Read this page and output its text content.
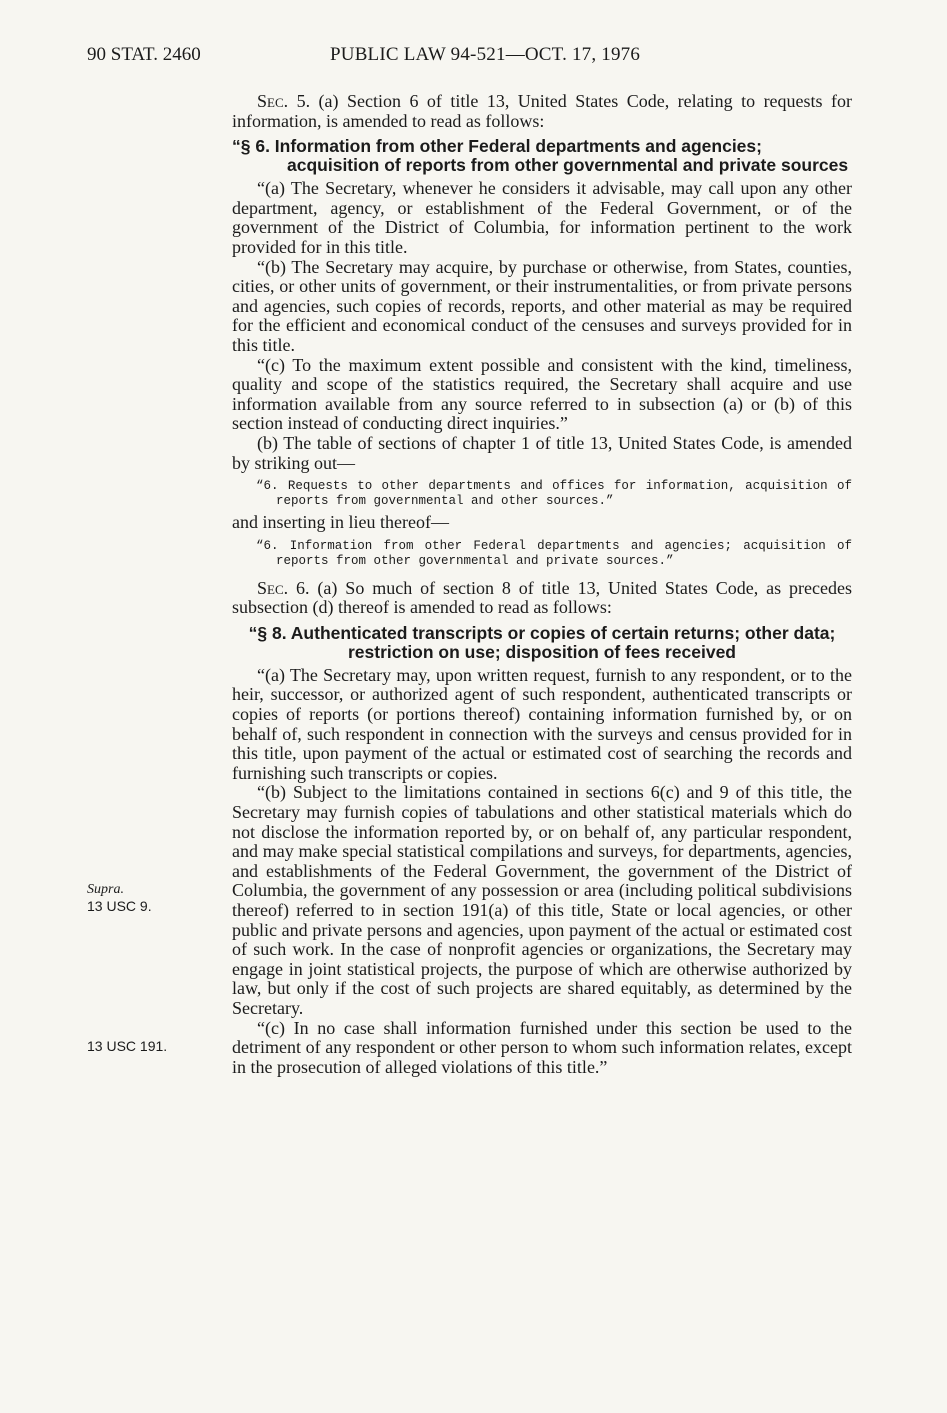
90 STAT. 2460	PUBLIC LAW 94-521—OCT. 17, 1976
Supra.
13 USC 9.
13 USC 191.

Sec. 5. (a) Section 6 of title 13, United States Code, relating to requests for information, is amended to read as follows:

“§ 6. Information from other Federal departments and agencies; acquisition of reports from other governmental and private sources

“(a) The Secretary, whenever he considers it advisable, may call upon any other department, agency, or establishment of the Federal Government, or of the government of the District of Columbia, for information pertinent to the work provided for in this title.

“(b) The Secretary may acquire, by purchase or otherwise, from States, counties, cities, or other units of government, or their instrumentalities, or from private persons and agencies, such copies of records, reports, and other material as may be required for the efficient and economical conduct of the censuses and surveys provided for in this title.

“(c) To the maximum extent possible and consistent with the kind, timeliness, quality and scope of the statistics required, the Secretary shall acquire and use information available from any source referred to in subsection (a) or (b) of this section instead of conducting direct inquiries.”

(b) The table of sections of chapter 1 of title 13, United States Code, is amended by striking out—

“6. Requests to other departments and offices for information, acquisition of reports from governmental and other sources.”

and inserting in lieu thereof—

“6. Information from other Federal departments and agencies; acquisition of reports from other governmental and private sources.”

Sec. 6. (a) So much of section 8 of title 13, United States Code, as precedes subsection (d) thereof is amended to read as follows:

“§ 8. Authenticated transcripts or copies of certain returns; other data; restriction on use; disposition of fees received

“(a) The Secretary may, upon written request, furnish to any respondent, or to the heir, successor, or authorized agent of such respondent, authenticated transcripts or copies of reports (or portions thereof) containing information furnished by, or on behalf of, such respondent in connection with the surveys and census provided for in this title, upon payment of the actual or estimated cost of searching the records and furnishing such transcripts or copies.

“(b) Subject to the limitations contained in sections 6(c) and 9 of this title, the Secretary may furnish copies of tabulations and other statistical materials which do not disclose the information reported by, or on behalf of, any particular respondent, and may make special statistical compilations and surveys, for departments, agencies, and establishments of the Federal Government, the government of the District of Columbia, the government of any possession or area (including political subdivisions thereof) referred to in section 191(a) of this title, State or local agencies, or other public and private persons and agencies, upon payment of the actual or estimated cost of such work. In the case of nonprofit agencies or organizations, the Secretary may engage in joint statistical projects, the purpose of which are otherwise authorized by law, but only if the cost of such projects are shared equitably, as determined by the Secretary.

“(c) In no case shall information furnished under this section be used to the detriment of any respondent or other person to whom such information relates, except in the prosecution of alleged violations of this title.”
